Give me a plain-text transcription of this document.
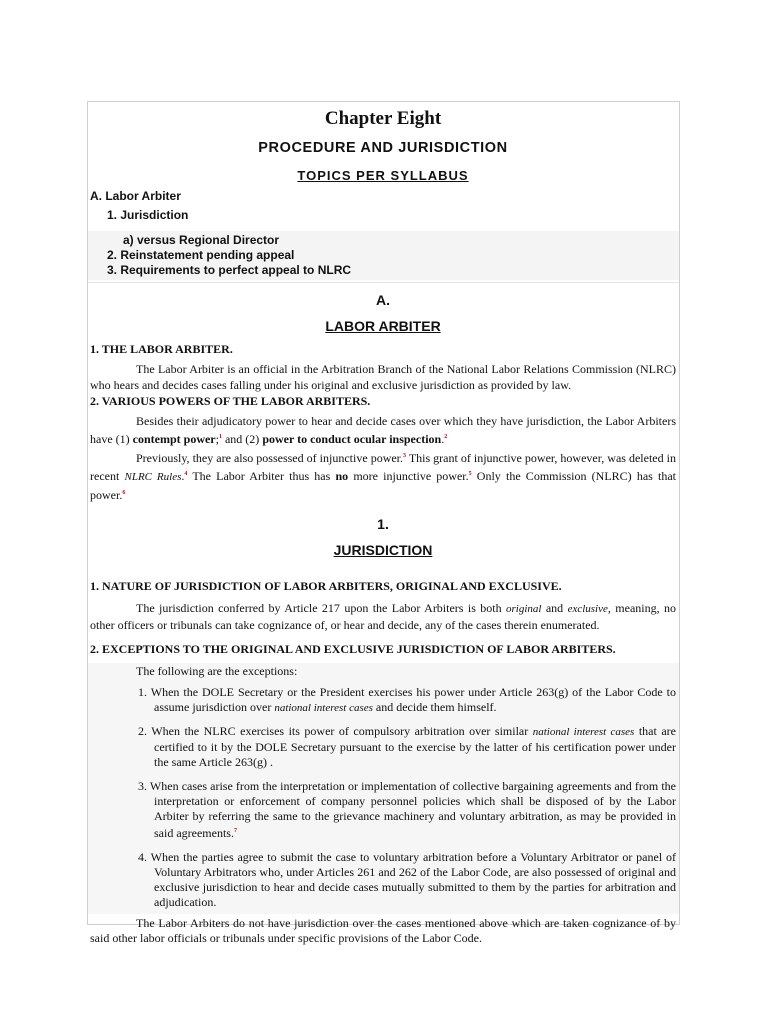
Chapter Eight
PROCEDURE AND JURISDICTION
TOPICS PER SYLLABUS
A. Labor Arbiter
1. Jurisdiction
a) versus Regional Director
2. Reinstatement pending appeal
3. Requirements to perfect appeal to NLRC
A.
LABOR ARBITER
1. THE LABOR ARBITER.

The Labor Arbiter is an official in the Arbitration Branch of the National Labor Relations Commission (NLRC) who hears and decides cases falling under his original and exclusive jurisdiction as provided by law.

2. VARIOUS POWERS OF THE LABOR ARBITERS.

Besides their adjudicatory power to hear and decide cases over which they have jurisdiction, the Labor Arbiters have (1) contempt power;$^1$ and (2) power to conduct ocular inspection.$^2$

Previously, they are also possessed of injunctive power.$^3$ This grant of injunctive power, however, was deleted in recent NLRC Rules.$^4$ The Labor Arbiter thus has no more injunctive power.$^5$ Only the Commission (NLRC) has that power.$^6$

1.
JURISDICTION
1. NATURE OF JURISDICTION OF LABOR ARBITERS, ORIGINAL AND EXCLUSIVE.

The jurisdiction conferred by Article 217 upon the Labor Arbiters is both original and exclusive, meaning, no other officers or tribunals can take cognizance of, or hear and decide, any of the cases therein enumerated.

2. EXCEPTIONS TO THE ORIGINAL AND EXCLUSIVE JURISDICTION OF LABOR ARBITERS.

The following are the exceptions:

1. When the DOLE Secretary or the President exercises his power under Article 263(g) of the Labor Code to assume jurisdiction over national interest cases and decide them himself.

2. When the NLRC exercises its power of compulsory arbitration over similar national interest cases that are certified to it by the DOLE Secretary pursuant to the exercise by the latter of his certification power under the same Article 263(g) .

3. When cases arise from the interpretation or implementation of collective bargaining agreements and from the interpretation or enforcement of company personnel policies which shall be disposed of by the Labor Arbiter by referring the same to the grievance machinery and voluntary arbitration, as may be provided in said agreements.$^7$

4. When the parties agree to submit the case to voluntary arbitration before a Voluntary Arbitrator or panel of Voluntary Arbitrators who, under Articles 261 and 262 of the Labor Code, are also possessed of original and exclusive jurisdiction to hear and decide cases mutually submitted to them by the parties for arbitration and adjudication.

The Labor Arbiters do not have jurisdiction over the cases mentioned above which are taken cognizance of by said other labor officials or tribunals under specific provisions of the Labor Code.
